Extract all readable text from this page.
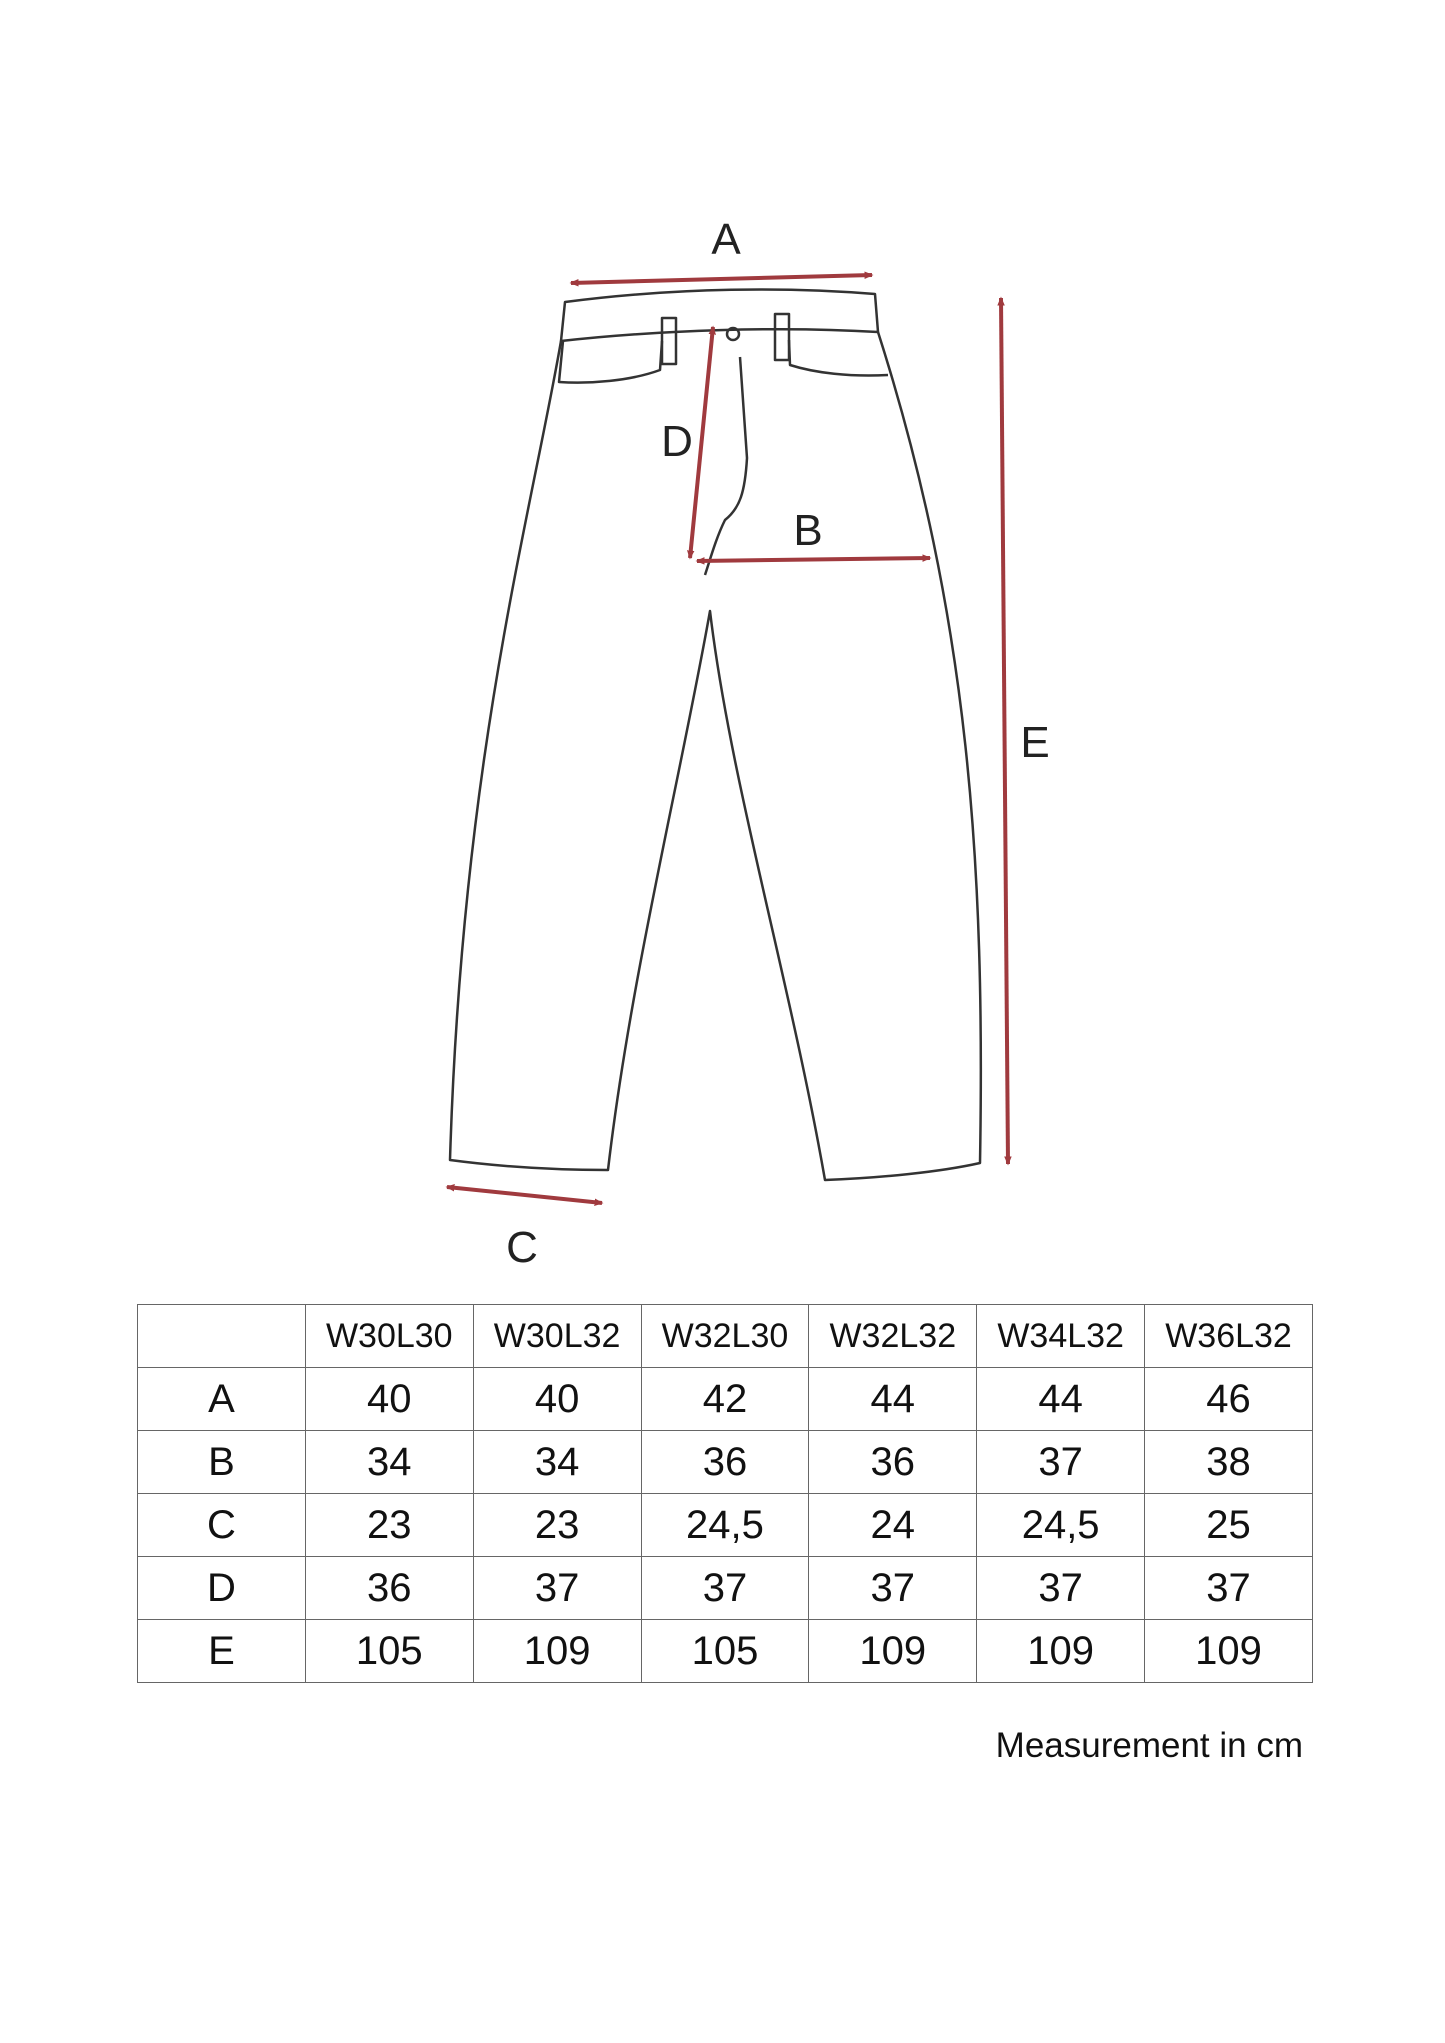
A
B
C
D
E
	W30L30	W30L32	W32L30	W32L32	W34L32	W36L32
A	40	40	42	44	44	46
B	34	34	36	36	37	38
C	23	23	24,5	24	24,5	25
D	36	37	37	37	37	37
E	105	109	105	109	109	109
Measurement in cm
